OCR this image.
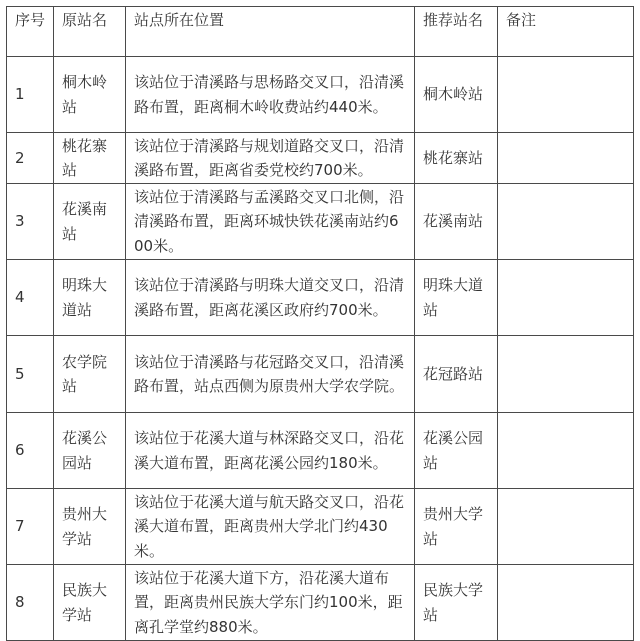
序号	原站名	站点所在位置	推荐站名	备注
1	桐木岭站	该站位于清溪路与思杨路交叉口，沿清溪路布置，距离桐木岭收费站约440米。	桐木岭站	
2	桃花寨站	该站位于清溪路与规划道路交叉口，沿清溪路布置，距离省委党校约700米。	桃花寨站	
3	花溪南站	该站位于清溪路与孟溪路交叉口北侧，沿清溪路布置，距离环城快铁花溪南站约600米。	花溪南站	
4	明珠大道站	该站位于清溪路与明珠大道交叉口，沿清溪路布置，距离花溪区政府约700米。	明珠大道站	
5	农学院站	该站位于清溪路与花冠路交叉口，沿清溪路布置，站点西侧为原贵州大学农学院。	花冠路站	
6	花溪公园站	该站位于花溪大道与林深路交叉口，沿花溪大道布置，距离花溪公园约180米。	花溪公园站	
7	贵州大学站	该站位于花溪大道与航天路交叉口，沿花溪大道布置，距离贵州大学北门约430米。	贵州大学站	
8	民族大学站	该站位于花溪大道下方，沿花溪大道布置，距离贵州民族大学东门约100米，距离孔学堂约880米。	民族大学站	
